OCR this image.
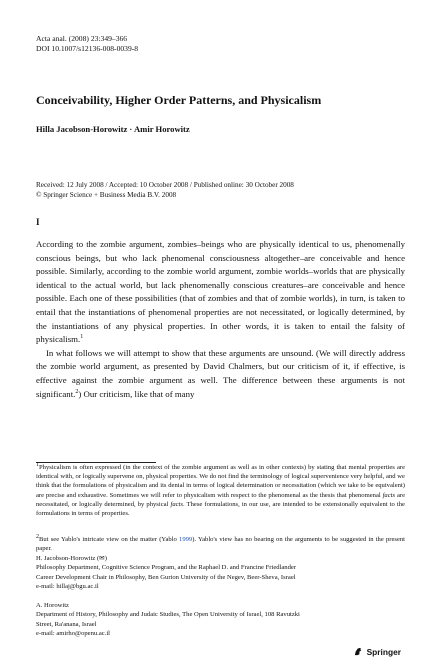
Acta anal. (2008) 23:349–366
DOI 10.1007/s12136-008-0039-8
Conceivability, Higher Order Patterns, and Physicalism
Hilla Jacobson-Horowitz · Amir Horowitz
Received: 12 July 2008 / Accepted: 10 October 2008 / Published online: 30 October 2008
© Springer Science + Business Media B.V. 2008
I

According to the zombie argument, zombies–beings who are physically identical to us, phenomenally conscious beings, but who lack phenomenal consciousness altogether–are conceivable and hence possible. Similarly, according to the zombie world argument, zombie worlds–worlds that are physically identical to the actual world, but lack phenomenally conscious creatures–are conceivable and hence possible. Each one of these possibilities (that of zombies and that of zombie worlds), in turn, is taken to entail that the instantiations of phenomenal properties are not necessitated, or logically determined, by the instantiations of any physical properties. In other words, it is taken to entail the falsity of physicalism.$^1$

In what follows we will attempt to show that these arguments are unsound. (We will directly address the zombie world argument, as presented by David Chalmers, but our criticism of it, if effective, is effective against the zombie argument as well. The difference between these arguments is not significant.$^2$) Our criticism, like that of many

$^1$Physicalism is often expressed (in the context of the zombie argument as well as in other contexts) by stating that mental properties are identical with, or logically supervene on, physical properties. We do not find the terminology of logical supervenience very helpful, and we think that the formulations of physicalism and its denial in terms of logical determination or necessitation (which we take to be equivalent) are precise and exhaustive. Sometimes we will refer to physicalism with respect to the phenomenal as the thesis that phenomenal facts are necessitated, or logically determined, by physical facts. These formulations, in our use, are intended to be extensionally equivalent to the formulations in terms of properties.

$^2$But see Yablo's intricate view on the matter (Yablo 1999). Yablo's view has no bearing on the arguments to be suggested in the present paper.

H. Jacobson-Horowitz (✉)

Philosophy Department, Cognitive Science Program, and the Raphael D. and Francine Friedlander

Career Development Chair in Philosophy, Ben Gurion University of the Negev, Beer-Sheva, Israel

e-mail: hillaj@bgu.ac.il

A. Horowitz

Department of History, Philosophy and Judaic Studies, The Open University of Israel, 108 Ravutzki

Street, Ra'anana, Israel

e-mail: amirho@openu.ac.il

Springer
